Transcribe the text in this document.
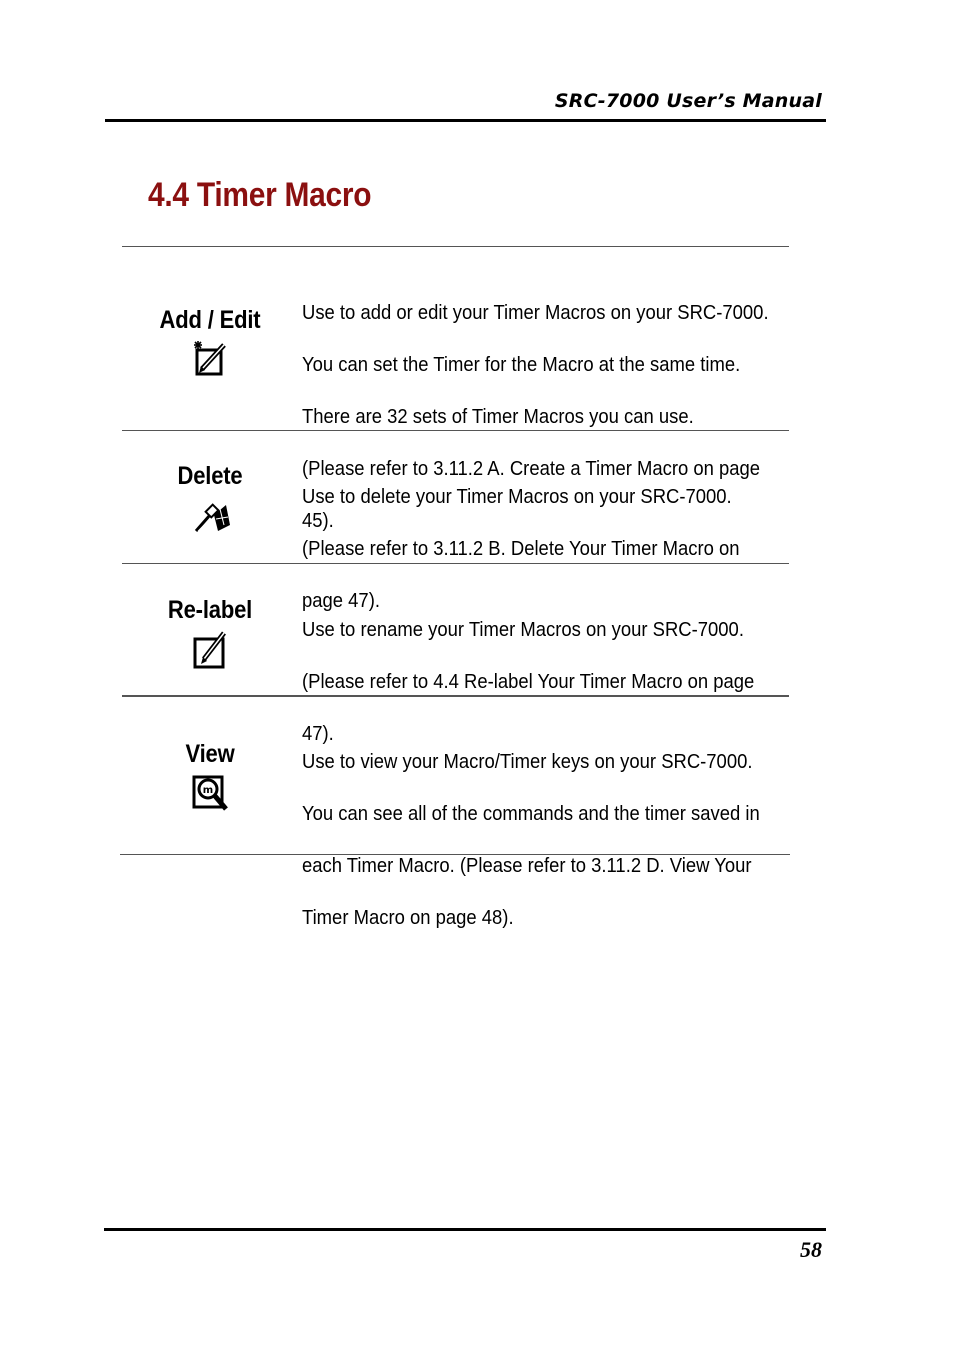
SRC-7000 User’s Manual
4.4 Timer Macro
Add / Edit	Use to add or edit your Timer Macros on your SRC-7000.

You can set the Timer for the Macro at the same time.

There are 32 sets of Timer Macros you can use.

(Please refer to 3.11.2 A. Create a Timer Macro on page

45).

Delete

Use to delete your Timer Macros on your SRC-7000.

(Please refer to 3.11.2 B. Delete Your Timer Macro on

page 47).

Re-label

Use to rename your Timer Macros on your SRC-7000.

(Please refer to 4.4 Re-label Your Timer Macro on page

47).

View
m

Use to view your Macro/Timer keys on your SRC-7000.

You can see all of the commands and the timer saved in

each Timer Macro. (Please refer to 3.11.2 D. View Your

Timer Macro on page 48).

58
